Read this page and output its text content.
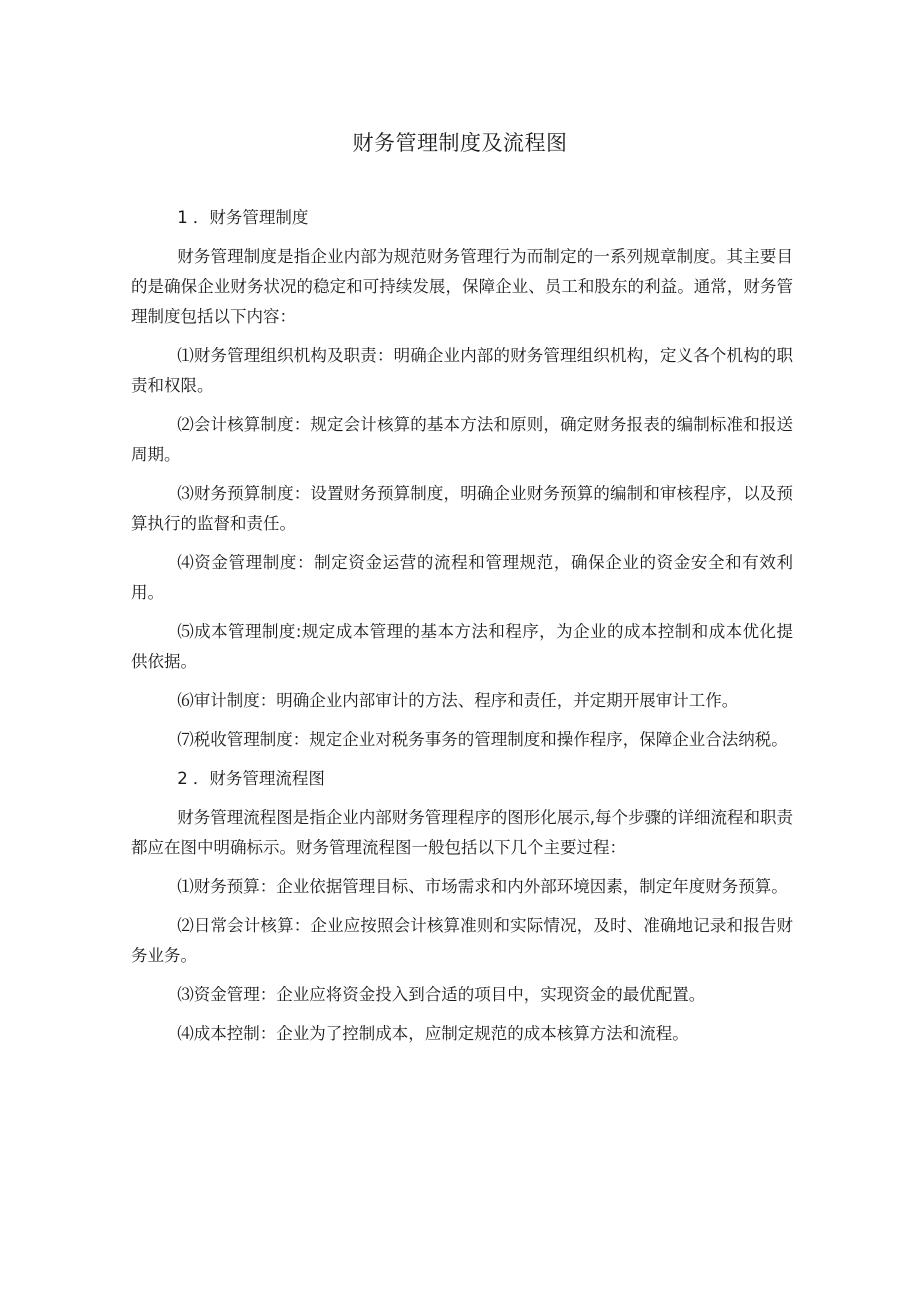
财务管理制度及流程图
1 ．财务管理制度

财务管理制度是指企业内部为规范财务管理行为而制定的一系列规章制度。其主要目的是确保企业财务状况的稳定和可持续发展，保障企业、员工和股东的利益。通常，财务管理制度包括以下内容：

⑴财务管理组织机构及职责：明确企业内部的财务管理组织机构，定义各个机构的职责和权限。

⑵会计核算制度：规定会计核算的基本方法和原则，确定财务报表的编制标准和报送周期。

⑶财务预算制度：设置财务预算制度，明确企业财务预算的编制和审核程序，以及预算执行的监督和责任。

⑷资金管理制度：制定资金运营的流程和管理规范，确保企业的资金安全和有效利用。

⑸成本管理制度:规定成本管理的基本方法和程序，为企业的成本控制和成本优化提供依据。

⑹审计制度：明确企业内部审计的方法、程序和责任，并定期开展审计工作。

⑺税收管理制度：规定企业对税务事务的管理制度和操作程序，保障企业合法纳税。

2 ．财务管理流程图

财务管理流程图是指企业内部财务管理程序的图形化展示,每个步骤的详细流程和职责都应在图中明确标示。财务管理流程图一般包括以下几个主要过程：

⑴财务预算：企业依据管理目标、市场需求和内外部环境因素，制定年度财务预算。

⑵日常会计核算：企业应按照会计核算准则和实际情况，及时、准确地记录和报告财务业务。

⑶资金管理：企业应将资金投入到合适的项目中，实现资金的最优配置。

⑷成本控制：企业为了控制成本，应制定规范的成本核算方法和流程。
